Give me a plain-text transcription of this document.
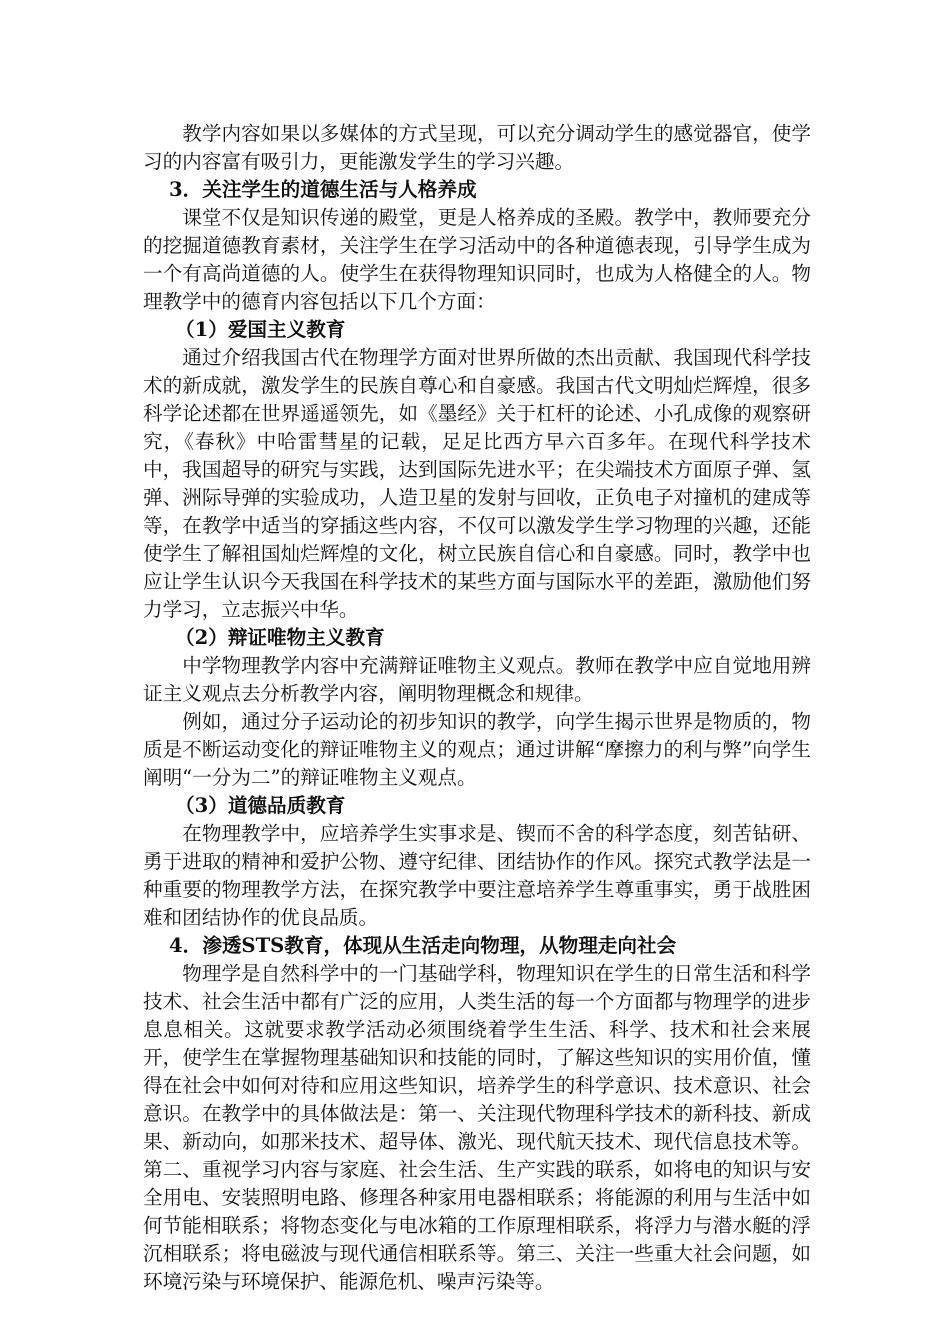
教学内容如果以多媒体的方式呈现，可以充分调动学生的感觉器官，使学习的内容富有吸引力，更能激发学生的学习兴趣。

3．关注学生的道德生活与人格养成

课堂不仅是知识传递的殿堂，更是人格养成的圣殿。教学中，教师要充分的挖掘道德教育素材，关注学生在学习活动中的各种道德表现，引导学生成为一个有高尚道德的人。使学生在获得物理知识同时，也成为人格健全的人。物理教学中的德育内容包括以下几个方面：

（1）爱国主义教育

通过介绍我国古代在物理学方面对世界所做的杰出贡献、我国现代科学技术的新成就，激发学生的民族自尊心和自豪感。我国古代文明灿烂辉煌，很多科学论述都在世界遥遥领先，如《墨经》关于杠杆的论述、小孔成像的观察研究，《春秋》中哈雷彗星的记载，足足比西方早六百多年。在现代科学技术中，我国超导的研究与实践，达到国际先进水平；在尖端技术方面原子弹、氢弹、洲际导弹的实验成功，人造卫星的发射与回收，正负电子对撞机的建成等等，在教学中适当的穿插这些内容，不仅可以激发学生学习物理的兴趣，还能使学生了解祖国灿烂辉煌的文化，树立民族自信心和自豪感。同时，教学中也应让学生认识今天我国在科学技术的某些方面与国际水平的差距，激励他们努力学习，立志振兴中华。

（2）辩证唯物主义教育

中学物理教学内容中充满辩证唯物主义观点。教师在教学中应自觉地用辨证主义观点去分析教学内容，阐明物理概念和规律。

例如，通过分子运动论的初步知识的教学，向学生揭示世界是物质的，物质是不断运动变化的辩证唯物主义的观点；通过讲解“摩擦力的利与弊”向学生阐明“一分为二”的辩证唯物主义观点。

（3）道德品质教育

在物理教学中，应培养学生实事求是、锲而不舍的科学态度，刻苦钻研、勇于进取的精神和爱护公物、遵守纪律、团结协作的作风。探究式教学法是一种重要的物理教学方法，在探究教学中要注意培养学生尊重事实，勇于战胜困难和团结协作的优良品质。

4．渗透STS教育，体现从生活走向物理，从物理走向社会

物理学是自然科学中的一门基础学科，物理知识在学生的日常生活和科学技术、社会生活中都有广泛的应用，人类生活的每一个方面都与物理学的进步息息相关。这就要求教学活动必须围绕着学生生活、科学、技术和社会来展开，使学生在掌握物理基础知识和技能的同时，了解这些知识的实用价值，懂得在社会中如何对待和应用这些知识，培养学生的科学意识、技术意识、社会意识。在教学中的具体做法是：第一、关注现代物理科学技术的新科技、新成果、新动向，如那米技术、超导体、激光、现代航天技术、现代信息技术等。第二、重视学习内容与家庭、社会生活、生产实践的联系，如将电的知识与安全用电、安装照明电路、修理各种家用电器相联系；将能源的利用与生活中如何节能相联系；将物态变化与电冰箱的工作原理相联系，将浮力与潜水艇的浮沉相联系；将电磁波与现代通信相联系等。第三、关注一些重大社会问题，如环境污染与环境保护、能源危机、噪声污染等。
